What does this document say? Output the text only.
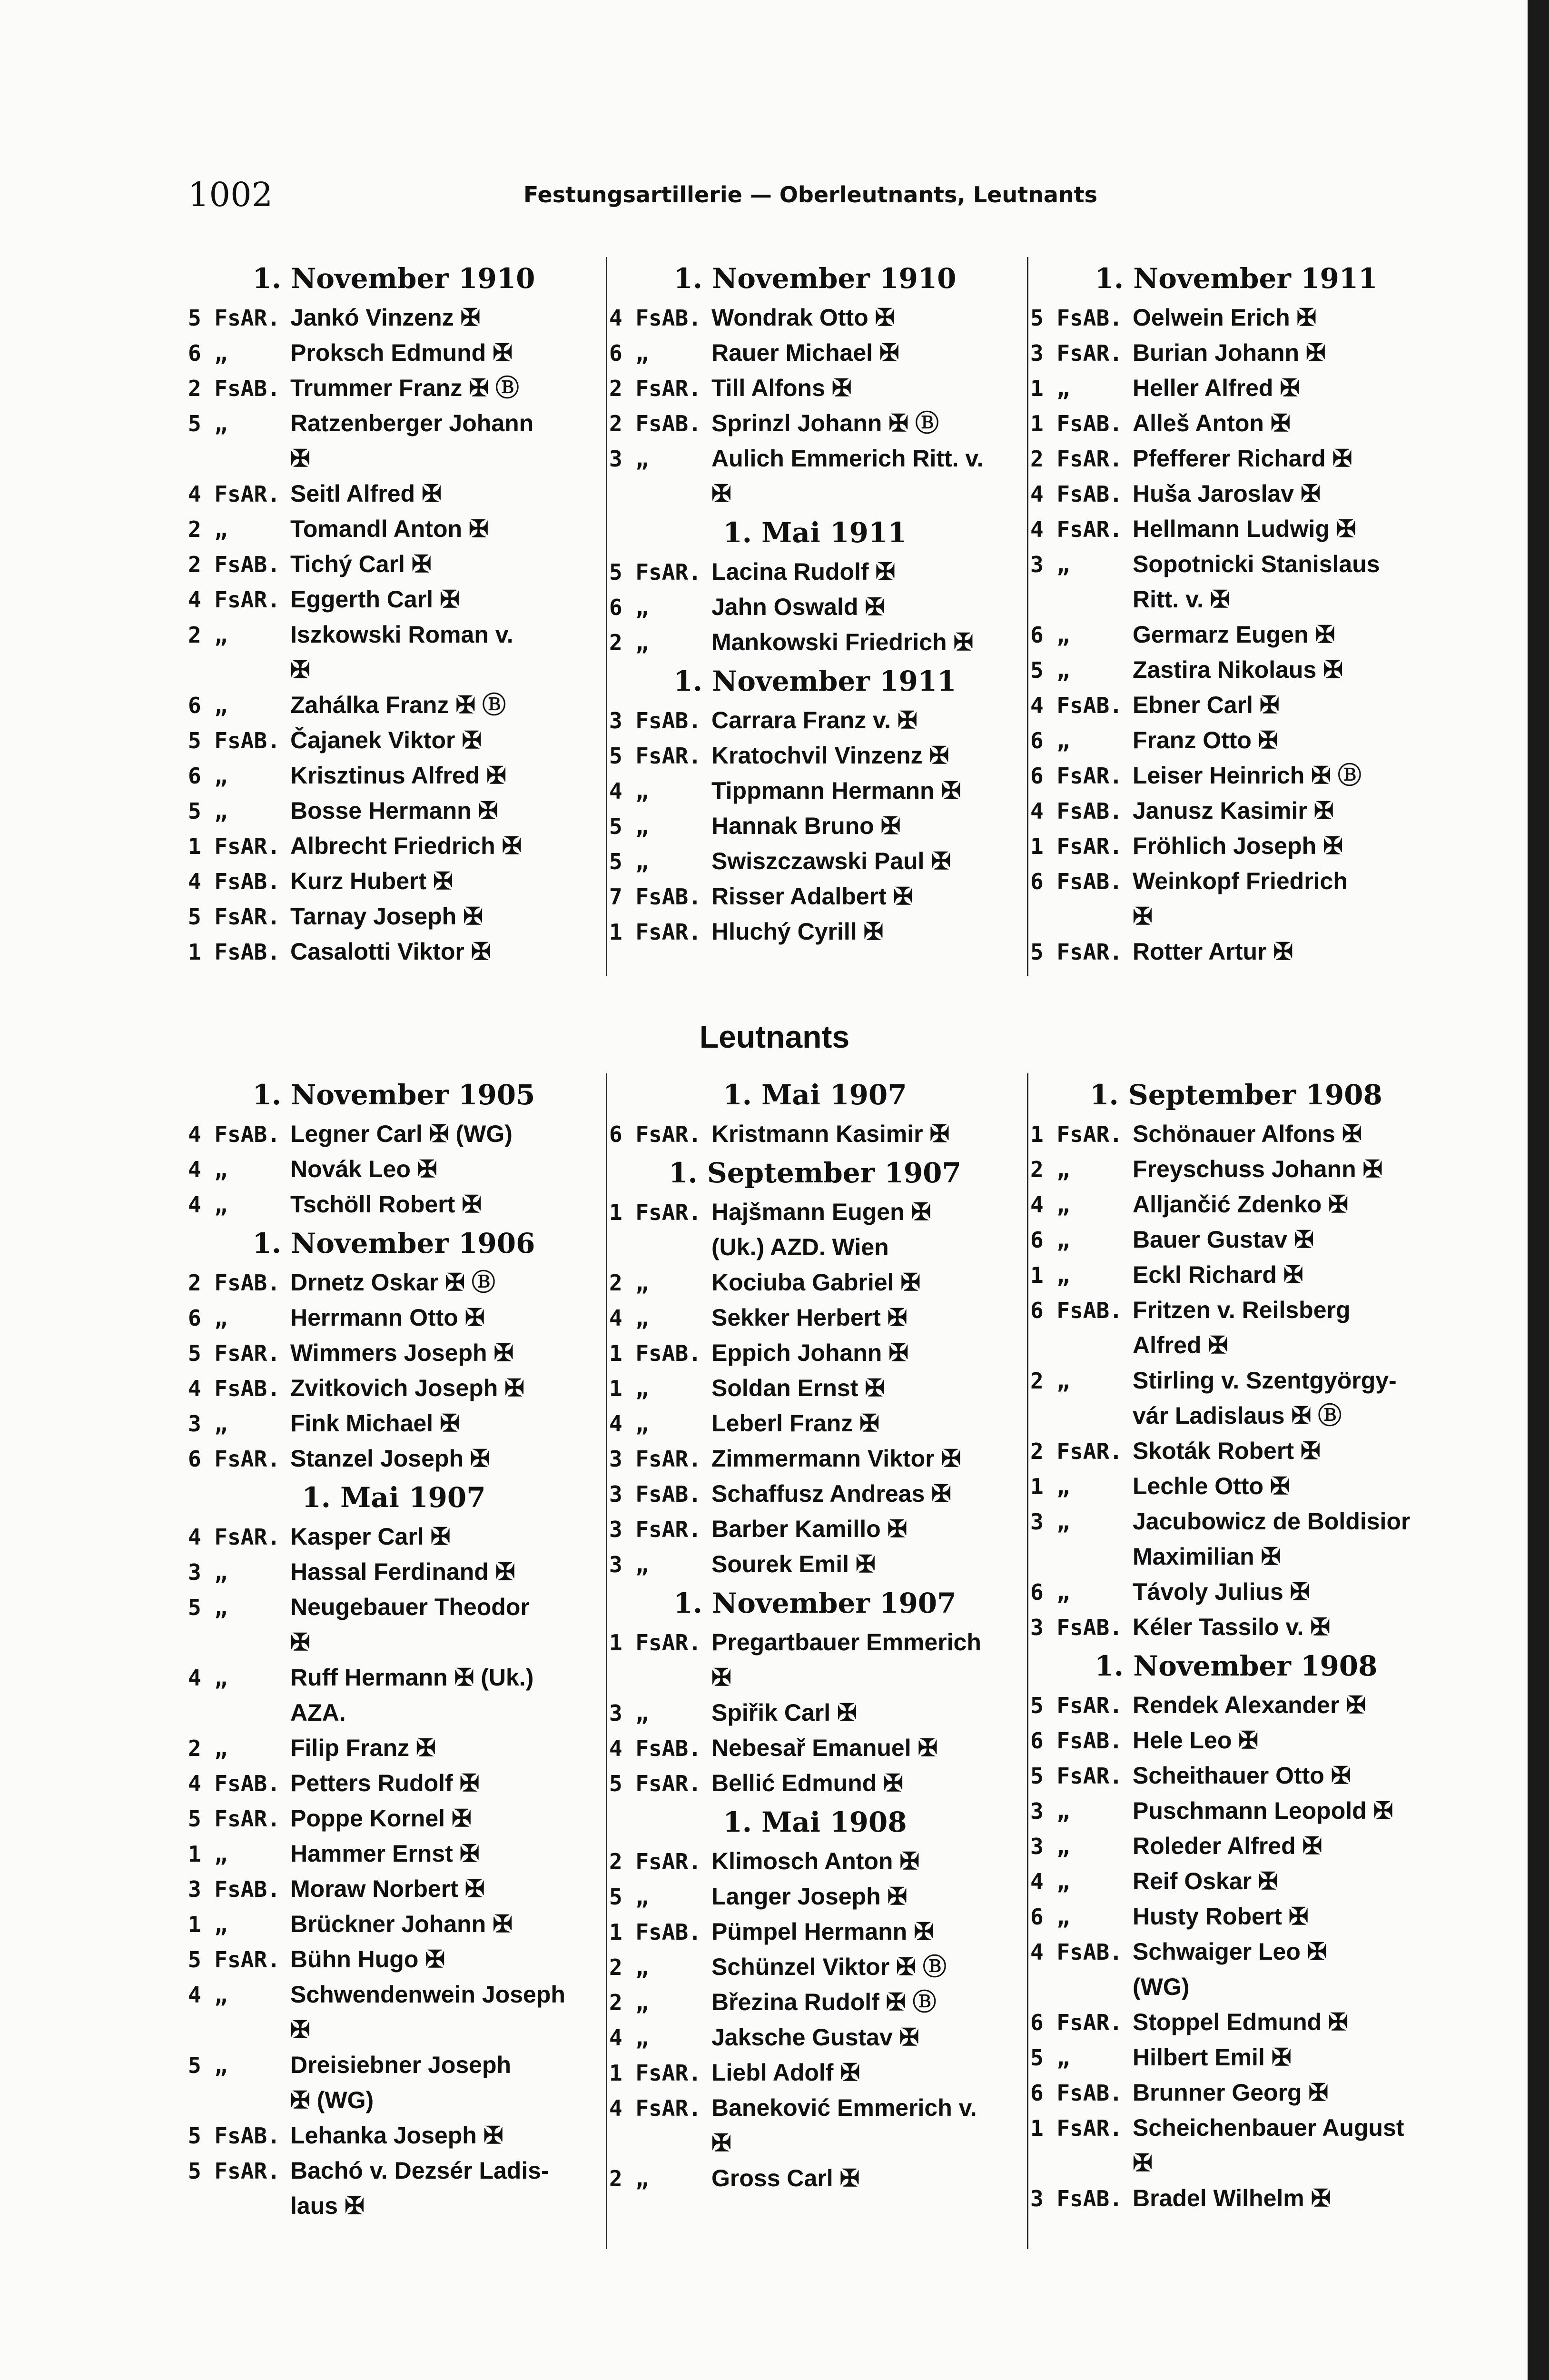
1002	Festungsartillerie — Oberleutnants, Leutnants
1. November 1910
5 FsAR. Jankó Vinzenz ✠
6 „	Proksch Edmund ✠
2 FsAB. Trummer Franz ✠ Ⓑ
5 „	Ratzenberger Johann
✠
4 FsAR. Seitl Alfred ✠
2 „	Tomandl Anton ✠
2 FsAB. Tichý Carl ✠
4 FsAR. Eggerth Carl ✠
2 „	Iszkowski Roman v.
✠
6 „	Zahálka Franz ✠ Ⓑ
5 FsAB. Čajanek Viktor ✠
6 „	Krisztinus Alfred ✠
5 „	Bosse Hermann ✠
1 FsAR. Albrecht Friedrich ✠
4 FsAB. Kurz Hubert ✠
5 FsAR. Tarnay Joseph ✠
1 FsAB. Casalotti Viktor ✠
1. November 1910
4 FsAB. Wondrak Otto ✠
6 „	Rauer Michael ✠
2 FsAR. Till Alfons ✠
2 FsAB. Sprinzl Johann ✠ Ⓑ
3 „	Aulich Emmerich Ritt. v.
✠
1. Mai 1911
5 FsAR. Lacina Rudolf ✠
6 „	Jahn Oswald ✠
2 „	Mankowski Friedrich ✠
1. November 1911
3 FsAB. Carrara Franz v. ✠
5 FsAR. Kratochvil Vinzenz ✠
4 „	Tippmann Hermann ✠
5 „	Hannak Bruno ✠
5 „	Swiszczawski Paul ✠
7 FsAB. Risser Adalbert ✠
1 FsAR. Hluchý Cyrill ✠
1. November 1911
5 FsAB. Oelwein Erich ✠
3 FsAR. Burian Johann ✠
1 „	Heller Alfred ✠
1 FsAB. Alleš Anton ✠
2 FsAR. Pfefferer Richard ✠
4 FsAB. Huša Jaroslav ✠
4 FsAR. Hellmann Ludwig ✠
3 „	Sopotnicki Stanislaus
Ritt. v. ✠
6 „	Germarz Eugen ✠
5 „	Zastira Nikolaus ✠
4 FsAB. Ebner Carl ✠
6 „	Franz Otto ✠
6 FsAR. Leiser Heinrich ✠ Ⓑ
4 FsAB. Janusz Kasimir ✠
1 FsAR. Fröhlich Joseph ✠
6 FsAB. Weinkopf Friedrich
✠
5 FsAR. Rotter Artur ✠
Leutnants
1. November 1905
4 FsAB. Legner Carl ✠ (WG)
4 „	Novák Leo ✠
4 „	Tschöll Robert ✠
1. November 1906
2 FsAB. Drnetz Oskar ✠ Ⓑ
6 „	Herrmann Otto ✠
5 FsAR. Wimmers Joseph ✠
4 FsAB. Zvitkovich Joseph ✠
3 „	Fink Michael ✠
6 FsAR. Stanzel Joseph ✠
1. Mai 1907
4 FsAR. Kasper Carl ✠
3 „	Hassal Ferdinand ✠
5 „	Neugebauer Theodor
✠
4 „	Ruff Hermann ✠ (Uk.)
AZA.
2 „	Filip Franz ✠
4 FsAB. Petters Rudolf ✠
5 FsAR. Poppe Kornel ✠
1 „	Hammer Ernst ✠
3 FsAB. Moraw Norbert ✠
1 „	Brückner Johann ✠
5 FsAR. Bühn Hugo ✠
4 „	Schwendenwein Joseph
✠
5 „	Dreisiebner Joseph
✠ (WG)
5 FsAB. Lehanka Joseph ✠
5 FsAR. Bachó v. Dezsér Ladis-
laus ✠
1. Mai 1907
6 FsAR. Kristmann Kasimir ✠
1. September 1907
1 FsAR. Hajšmann Eugen ✠
(Uk.) AZD. Wien
2 „	Kociuba Gabriel ✠
4 „	Sekker Herbert ✠
1 FsAB. Eppich Johann ✠
1 „	Soldan Ernst ✠
4 „	Leberl Franz ✠
3 FsAR. Zimmermann Viktor ✠
3 FsAB. Schaffusz Andreas ✠
3 FsAR. Barber Kamillo ✠
3 „	Sourek Emil ✠
1. November 1907
1 FsAR. Pregartbauer Emmerich
✠
3 „	Spiřik Carl ✠
4 FsAB. Nebesař Emanuel ✠
5 FsAR. Bellić Edmund ✠
1. Mai 1908
2 FsAR. Klimosch Anton ✠
5 „	Langer Joseph ✠
1 FsAB. Pümpel Hermann ✠
2 „	Schünzel Viktor ✠ Ⓑ
2 „	Březina Rudolf ✠ Ⓑ
4 „	Jaksche Gustav ✠
1 FsAR. Liebl Adolf ✠
4 FsAR. Baneković Emmerich v.
✠
2 „	Gross Carl ✠
1. September 1908
1 FsAR. Schönauer Alfons ✠
2 „	Freyschuss Johann ✠
4 „	Alljančić Zdenko ✠
6 „	Bauer Gustav ✠
1 „	Eckl Richard ✠
6 FsAB. Fritzen v. Reilsberg
Alfred ✠
2 „	Stirling v. Szentgyörgy-
vár Ladislaus ✠ Ⓑ
2 FsAR. Skoták Robert ✠
1 „	Lechle Otto ✠
3 „	Jacubowicz de Boldisior
Maximilian ✠
6 „	Távoly Julius ✠
3 FsAB. Kéler Tassilo v. ✠
1. November 1908
5 FsAR. Rendek Alexander ✠
6 FsAB. Hele Leo ✠
5 FsAR. Scheithauer Otto ✠
3 „	Puschmann Leopold ✠
3 „	Roleder Alfred ✠
4 „	Reif Oskar ✠
6 „	Husty Robert ✠
4 FsAB. Schwaiger Leo ✠
(WG)
6 FsAR. Stoppel Edmund ✠
5 „	Hilbert Emil ✠
6 FsAB. Brunner Georg ✠
1 FsAR. Scheichenbauer August
✠
3 FsAB. Bradel Wilhelm ✠
